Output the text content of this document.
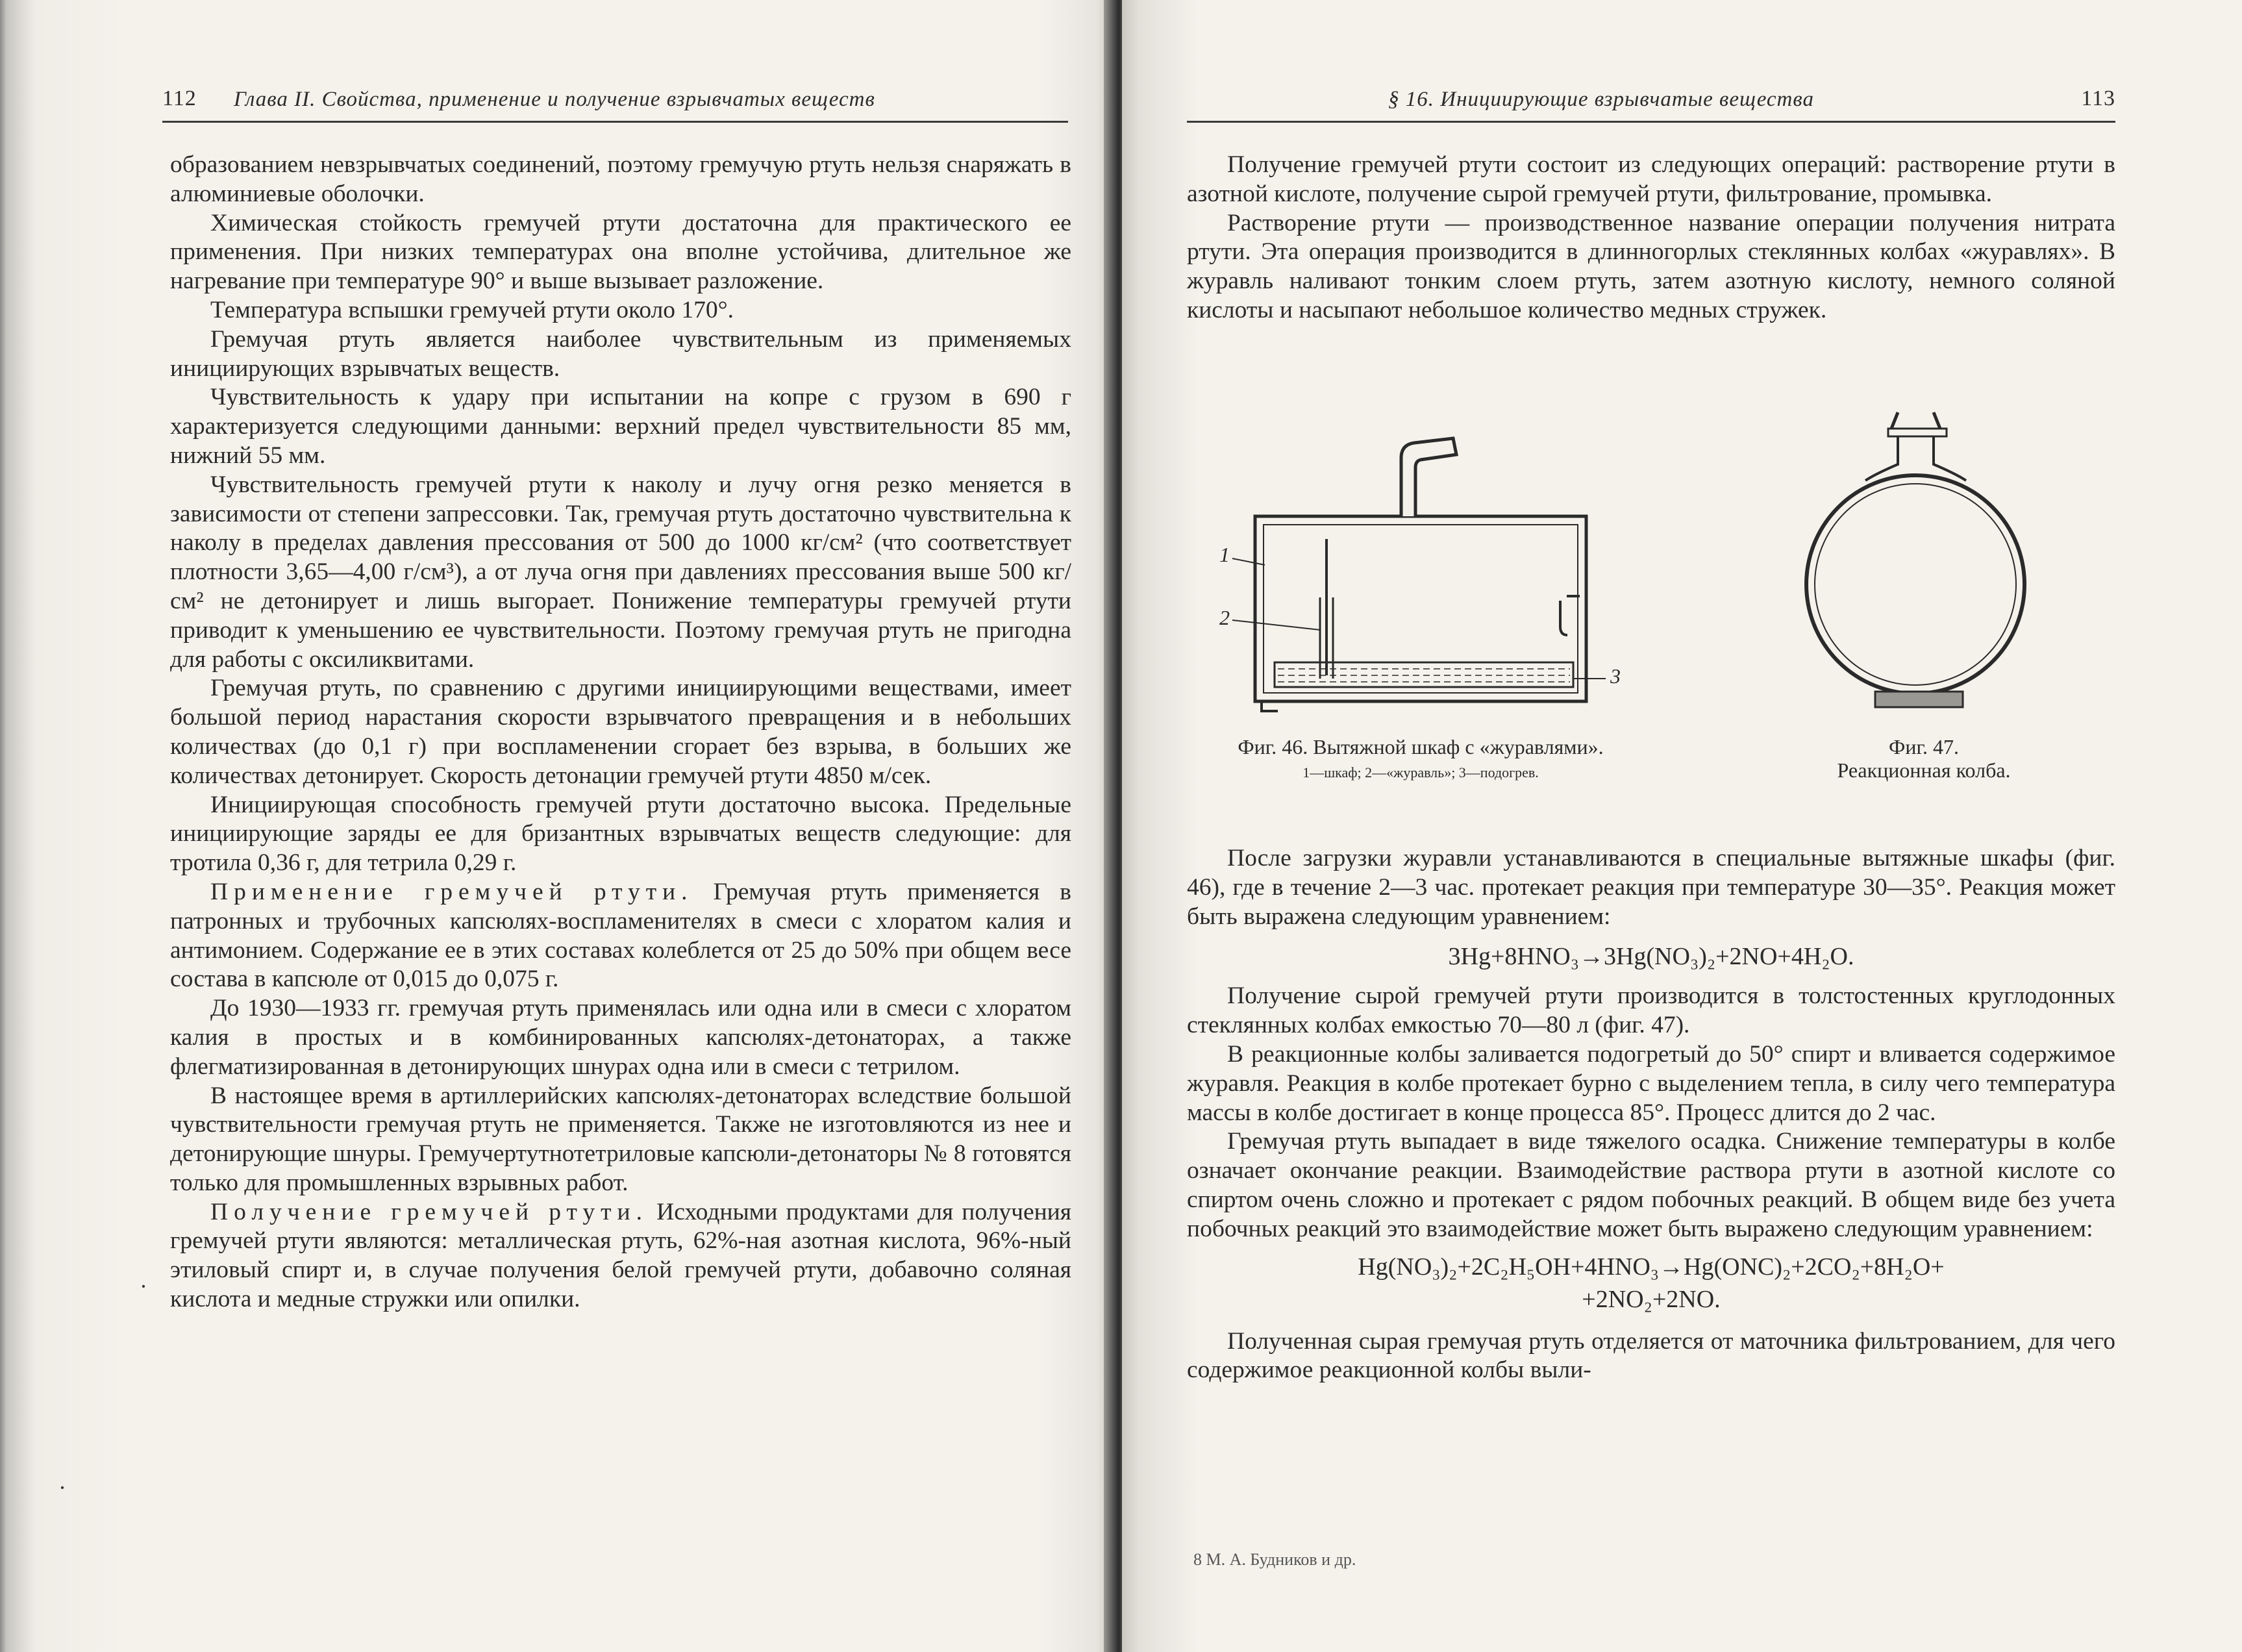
112 Глава II. Свойства, применение и получение взрывчатых веществ

образованием невзрывчатых соединений, поэтому гремучую ртуть нельзя снаряжать в алюминиевые оболочки.

Химическая стойкость гремучей ртути достаточна для практического ее применения. При низких температурах она вполне устойчива, длительное же нагревание при температуре 90° и выше вызывает разложение.

Температура вспышки гремучей ртути около 170°.

Гремучая ртуть является наиболее чувствительным из применяемых инициирующих взрывчатых веществ.

Чувствительность к удару при испытании на копре с грузом в 690 г характеризуется следующими данными: верхний предел чувствительности 85 мм, нижний 55 мм.

Чувствительность гремучей ртути к наколу и лучу огня резко меняется в зависимости от степени запрессовки. Так, гремучая ртуть достаточно чувствительна к наколу в пределах давления прессования от 500 до 1000 кг/см² (что соответствует плотности 3,65—4,00 г/см³), а от луча огня при давлениях прессования выше 500 кг/см² не детонирует и лишь выгорает. Понижение температуры гремучей ртути приводит к уменьшению ее чувствительности. Поэтому гремучая ртуть не пригодна для работы с оксиликвитами.

Гремучая ртуть, по сравнению с другими инициирующими веществами, имеет большой период нарастания скорости взрывчатого превращения и в небольших количествах (до 0,1 г) при воспламенении сгорает без взрыва, в больших же количествах детонирует. Скорость детонации гремучей ртути 4850 м/сек.

Инициирующая способность гремучей ртути достаточно высока. Предельные инициирующие заряды ее для бризантных взрывчатых веществ следующие: для тротила 0,36 г, для тетрила 0,29 г.

Применение гремучей ртути. Гремучая ртуть применяется в патронных и трубочных капсюлях-воспламенителях в смеси с хлоратом калия и антимонием. Содержание ее в этих составах колеблется от 25 до 50% при общем весе состава в капсюле от 0,015 до 0,075 г.

До 1930—1933 гг. гремучая ртуть применялась или одна или в смеси с хлоратом калия в простых и в комбинированных капсюлях-детонаторах, а также флегматизированная в детонирующих шнурах одна или в смеси с тетрилом.

В настоящее время в артиллерийских капсюлях-детонаторах вследствие большой чувствительности гремучая ртуть не применяется. Также не изготовляются из нее и детонирующие шнуры. Гремучертутнотетриловые капсюли-детонаторы № 8 готовятся только для промышленных взрывных работ.

Получение гремучей ртути. Исходными продуктами для получения гремучей ртути являются: металлическая ртуть, 62%-ная азотная кислота, 96%-ный этиловый спирт и, в случае получения белой гремучей ртути, добавочно соляная кислота и медные стружки или опилки.

·
·
§ 16. Инициирующие взрывчатые вещества	113

Получение гремучей ртути состоит из следующих операций: растворение ртути в азотной кислоте, получение сырой гремучей ртути, фильтрование, промывка.

Растворение ртути — производственное название операции получения нитрата ртути. Эта операция производится в длинногорлых стеклянных колбах «журавлях». В журавль наливают тонким слоем ртуть, затем азотную кислоту, немного соляной кислоты и насыпают небольшое количество медных стружек.

1
2
3
Фиг. 46. Вытяжной шкаф с «журавлями».
1—шкаф; 2—«журавль»; 3—подогрев.
Фиг. 47. Реакционная колба.

После загрузки журавли устанавливаются в специальные вытяжные шкафы (фиг. 46), где в течение 2—3 час. протекает реакция при температуре 30—35°. Реакция может быть выражена следующим уравнением:

3Hg+8HNO₃→3Hg(NO₃)₂+2NO+4H₂O.

Получение сырой гремучей ртути производится в толстостенных круглодонных стеклянных колбах емкостью 70—80 л (фиг. 47).

В реакционные колбы заливается подогретый до 50° спирт и вливается содержимое журавля. Реакция в колбе протекает бурно с выделением тепла, в силу чего температура массы в колбе достигает в конце процесса 85°. Процесс длится до 2 час.

Гремучая ртуть выпадает в виде тяжелого осадка. Снижение температуры в колбе означает окончание реакции. Взаимодействие раствора ртути в азотной кислоте со спиртом очень сложно и протекает с рядом побочных реакций. В общем виде без учета побочных реакций это взаимодействие может быть выражено следующим уравнением:

Hg(NO₃)₂+2C₂H₅OH+4HNO₃→Hg(ONC)₂+2CO₂+8H₂O+
+2NO₂+2NO.

Полученная сырая гремучая ртуть отделяется от маточника фильтрованием, для чего содержимое реакционной колбы выли-

8 М. А. Будников и др.
